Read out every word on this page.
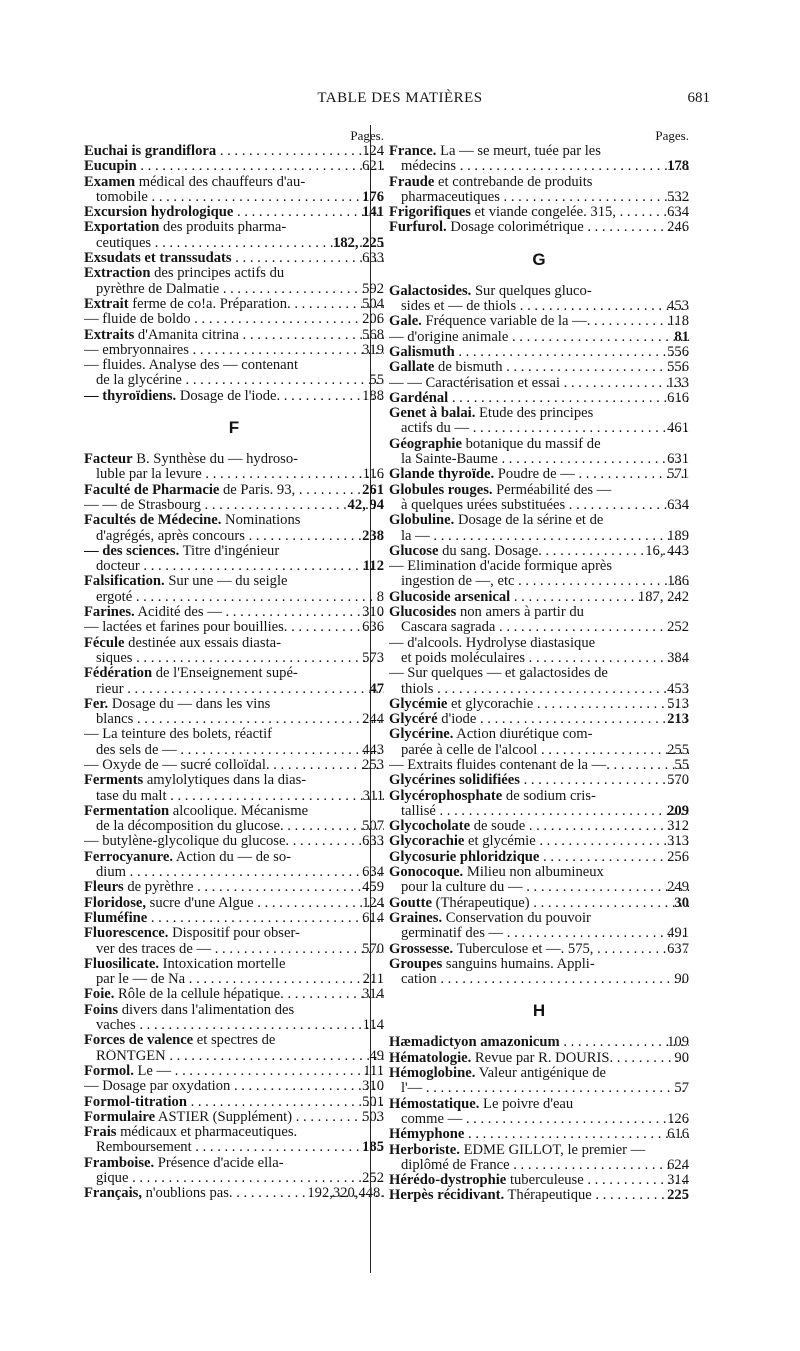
TABLE DES MATIÈRES	681
Pages.
124
Euchai is grandiflora . . .
621
Eucupin . . .
Examen médical des chauffeurs d'au-
176
tomobile . . .
141
Excursion hydrologique . . .
Exportation des produits pharma-
182, 225
ceutiques . . .
633
Exsudats et transsudats . . .
Extraction des principes actifs du
592
pyrèthre de Dalmatie . . .
504
Extrait ferme de co!a. Préparation. . . .
206
— fluide de boldo . . .
568
Extraits d'Amanita citrina . . .
319
— embryonnaires . . .
— fluides. Analyse des — contenant
55
de la glycérine . . .
188
— thyroïdiens. Dosage de l'iode. . . .
F
Facteur B. Synthèse du — hydroso-
116
luble par la levure . . .
261
Faculté de Pharmacie de Paris. 93, . . .
42, 94
— — de Strasbourg . . .
Facultés de Médecine. Nominations
238
d'agrégés, après concours . . .
— des sciences. Titre d'ingénieur
112
docteur . . .
Falsification. Sur une — du seigle
8
ergoté . . .
310
Farines. Acidité des — . . .
636
— lactées et farines pour bouillies. . . .
Fécule destinée aux essais diasta-
573
siques . . .
Fédération de l'Enseignement supé-
47
rieur . . .
Fer. Dosage du — dans les vins
244
blancs . . .
— La teinture des bolets, réactif
443
des sels de — . . .
253
— Oxyde de — sucré colloïdal. . . .
Ferments amylolytiques dans la dias-
311
tase du malt . . .
Fermentation alcoolique. Mécanisme
507
de la décomposition du glucose. . . .
633
— butylène-glycolique du glucose. . . .
Ferrocyanure. Action du — de so-
634
dium . . .
459
Fleurs de pyrèthre . . .
124
Floridose, sucre d'une Algue . . .
614
Fluméfine . . .
Fluorescence. Dispositif pour obser-
570
ver des traces de — . . .
Fluosilicate. Intoxication mortelle
211
par le — de Na . . .
314
Foie. Rôle de la cellule hépatique. . . .
Foins divers dans l'alimentation des
114
vaches . . .
Forces de valence et spectres de
49
RÖNTGEN . . .
111
Formol. Le — . . .
310
— Dosage par oxydation . . .
501
Formol-titration . . .
503
Formulaire ASTIER (Supplément) . . .
Frais médicaux et pharmaceutiques.
185
Remboursement . . .
Framboise. Présence d'acide ella-
252
gique . . .
192,320,448.
Français, n'oublions pas. . . .
Pages.
France. La — se meurt, tuée par les
178
médecins . . .
Fraude et contrebande de produits
532
pharmaceutiques . . .
634
Frigorifiques et viande congelée. 315, . . .
246
Furfurol. Dosage colorimétrique . . .
G
Galactosides. Sur quelques gluco-
453
sides et — de thiols . . .
118
Gale. Fréquence variable de la —. . . .
81
— d'origine animale . . .
556
Galismuth . . .
556
Gallate de bismuth . . .
133
— — Caractérisation et essai . . .
616
Gardénal . . .
Genet à balai. Etude des principes
461
actifs du — . . .
Géographie botanique du massif de
631
la Sainte-Baume . . .
571
Glande thyroïde. Poudre de — . . .
Globules rouges. Perméabilité des —
634
à quelques urées substituées . . .
Globuline. Dosage de la sérine et de
189
la — . . .
16, 443
Glucose du sang. Dosage. . . .
— Elimination d'acide formique après
186
ingestion de —, etc . . .
187, 242
Glucoside arsenical . . .
Glucosides non amers à partir du
252
Cascara sagrada . . .
— d'alcools. Hydrolyse diastasique
384
et poids moléculaires . . .
— Sur quelques — et galactosides de
453
thiols . . .
513
Glycémie et glycorachie . . .
213
Glycéré d'iode . . .
Glycérine. Action diurétique com-
255
parée à celle de l'alcool . . .
55
— Extraits fluides contenant de la —. . . .
570
Glycérines solidifiées . . .
Glycérophosphate de sodium cris-
209
tallisé . . .
312
Glycocholate de soude . . .
313
Glycorachie et glycémie . . .
256
Glycosurie phloridzique . . .
Gonocoque. Milieu non albumineux
249
pour la culture du — . . .
30
Goutte (Thérapeutique) . . .
Graines. Conservation du pouvoir
491
germinatif des — . . .
637
Grossesse. Tuberculose et —. 575, . . .
Groupes sanguins humains. Appli-
90
cation . . .
H
109
Hæmadictyon amazonicum . . .
90
Hématologie. Revue par R. DOURIS. . . .
Hémoglobine. Valeur antigénique de
57
l'— . . .
Hémostatique. Le poivre d'eau
126
comme — . . .
616
Hémyphone . . .
Herboriste. EDME GILLOT, le premier —
624
diplômé de France . . .
314
Hérédo-dystrophie tuberculeuse . . .
225
Herpès récidivant. Thérapeutique . . .
